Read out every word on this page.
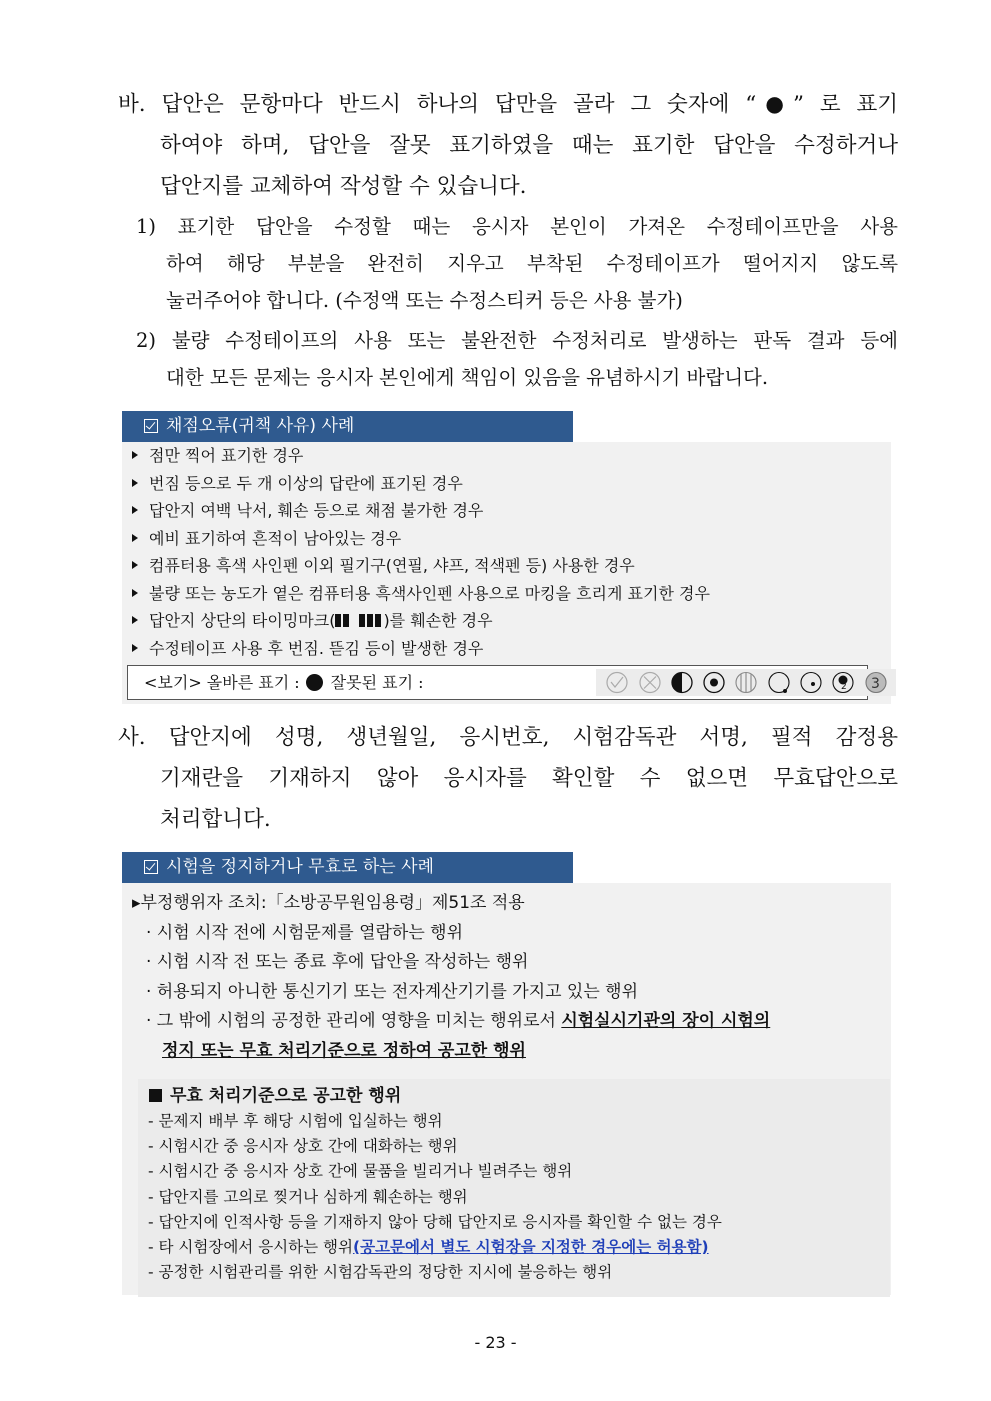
바. 답안은 문항마다 반드시 하나의 답만을 골라 그 숫자에 “●” 로 표기
하여야 하며, 답안을 잘못 표기하였을 때는 표기한 답안을 수정하거나
답안지를 교체하여 작성할 수 있습니다.
1) 표기한 답안을 수정할 때는 응시자 본인이 가져온 수정테이프만을 사용
하여 해당 부분을 완전히 지우고 부착된 수정테이프가 떨어지지 않도록
눌러주어야 합니다. (수정액 또는 수정스티커 등은 사용 불가)
2) 불량 수정테이프의 사용 또는 불완전한 수정처리로 발생하는 판독 결과 등에
대한 모든 문제는 응시자 본인에게 책임이 있음을 유념하시기 바랍니다.
채점오류(귀책 사유) 사례
점만 찍어 표기한 경우
번짐 등으로 두 개 이상의 답란에 표기된 경우
답안지 여백 낙서, 훼손 등으로 채점 불가한 경우
예비 표기하여 흔적이 남아있는 경우
컴퓨터용 흑색 사인펜 이외 필기구(연필, 샤프, 적색펜 등) 사용한 경우
불량 또는 농도가 옅은 컴퓨터용 흑색사인펜 사용으로 마킹을 흐리게 표기한 경우
답안지 상단의 타이밍마크(	)를 훼손한 경우
수정테이프 사용 후 번짐. 뜯김 등이 발생한 경우
<보기> 올바른 표기 : 잘못된 표기 :	2 3
사. 답안지에 성명, 생년월일, 응시번호, 시험감독관 서명, 필적 감정용
기재란을 기재하지 않아 응시자를 확인할 수 없으면 무효답안으로
처리합니다.
시험을 정지하거나 무효로 하는 사례
▸부정행위자 조치:「소방공무원임용령」제51조 적용
· 시험 시작 전에 시험문제를 열람하는 행위
· 시험 시작 전 또는 종료 후에 답안을 작성하는 행위
· 허용되지 아니한 통신기기 또는 전자계산기기를 가지고 있는 행위
· 그 밖에 시험의 공정한 관리에 영향을 미치는 행위로서 시험실시기관의 장이 시험의
정지 또는 무효 처리기준으로 정하여 공고한 행위
무효 처리기준으로 공고한 행위
- 문제지 배부 후 해당 시험에 입실하는 행위
- 시험시간 중 응시자 상호 간에 대화하는 행위
- 시험시간 중 응시자 상호 간에 물품을 빌리거나 빌려주는 행위
- 답안지를 고의로 찢거나 심하게 훼손하는 행위
- 답안지에 인적사항 등을 기재하지 않아 당해 답안지로 응시자를 확인할 수 없는 경우
- 타 시험장에서 응시하는 행위(공고문에서 별도 시험장을 지정한 경우에는 허용함)
- 공정한 시험관리를 위한 시험감독관의 정당한 지시에 불응하는 행위
- 23 -
